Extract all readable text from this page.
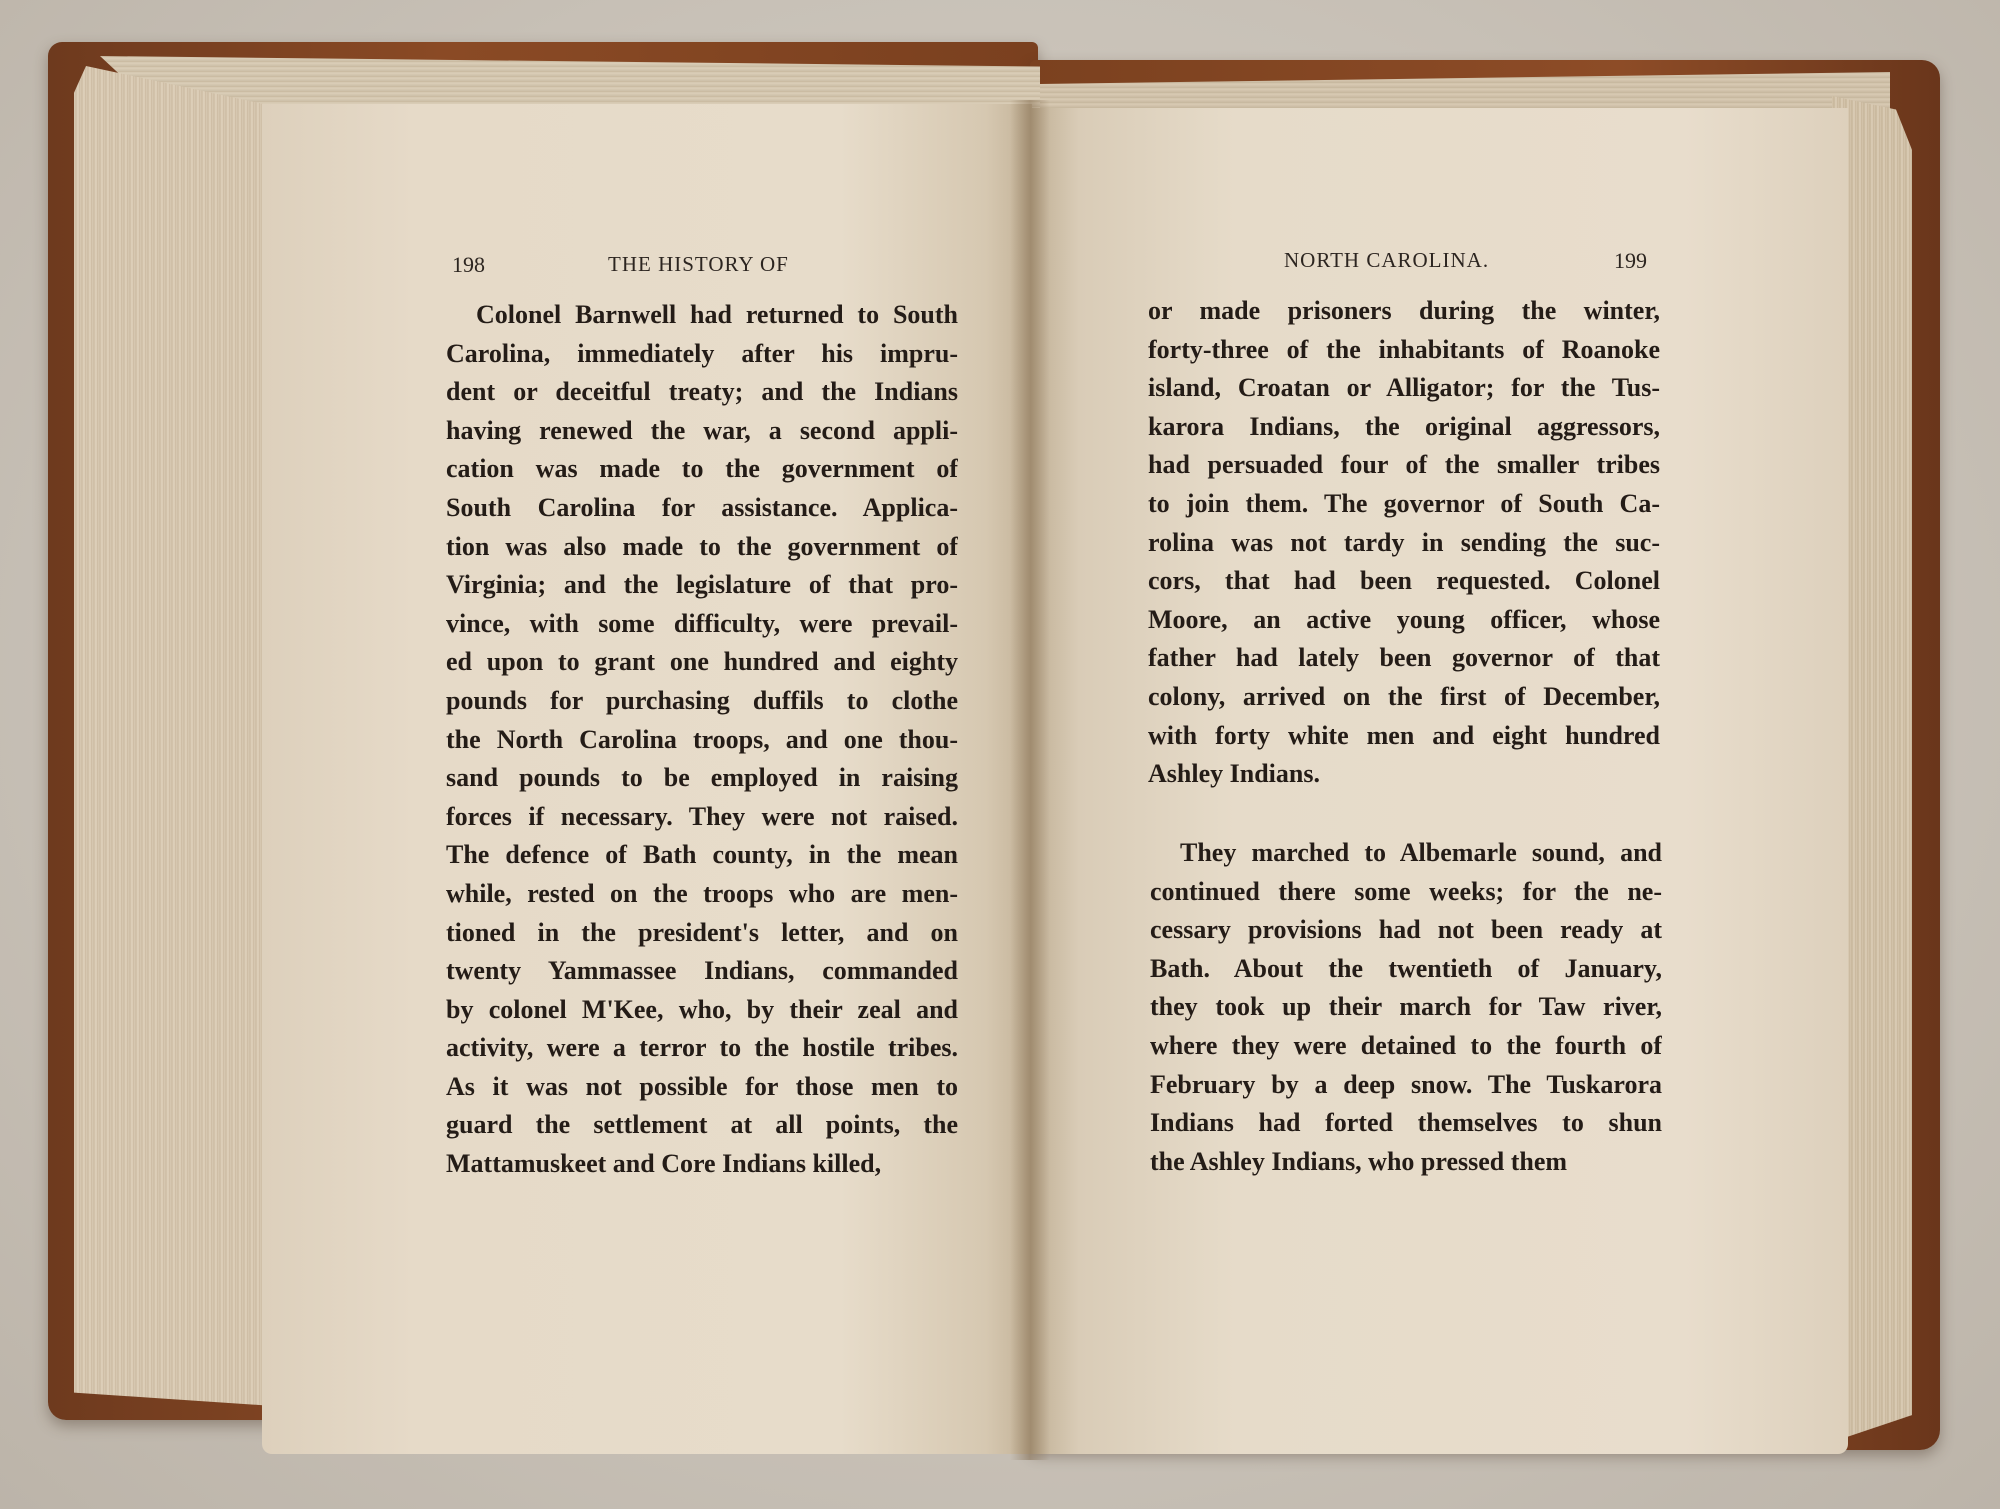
198	THE HISTORY OF	NORTH CAROLINA.	199
Colonel Barnwell had returned to South
Carolina, immediately after his impru-
dent or deceitful treaty; and the Indians
having renewed the war, a second appli-
cation was made to the government of
South Carolina for assistance. Applica-
tion was also made to the government of
Virginia; and the legislature of that pro-
vince, with some difficulty, were prevail-
ed upon to grant one hundred and eighty
pounds for purchasing duffils to clothe
the North Carolina troops, and one thou-
sand pounds to be employed in raising
forces if necessary. They were not raised.
The defence of Bath county, in the mean
while, rested on the troops who are men-
tioned in the president's letter, and on
twenty Yammassee Indians, commanded
by colonel M'Kee, who, by their zeal and
activity, were a terror to the hostile tribes.
As it was not possible for those men to
guard the settlement at all points, the
Mattamuskeet and Core Indians killed,
or made prisoners during the winter,
forty-three of the inhabitants of Roanoke
island, Croatan or Alligator; for the Tus-
karora Indians, the original aggressors,
had persuaded four of the smaller tribes
to join them. The governor of South Ca-
rolina was not tardy in sending the suc-
cors, that had been requested. Colonel
Moore, an active young officer, whose
father had lately been governor of that
colony, arrived on the first of December,
with forty white men and eight hundred
Ashley Indians.
They marched to Albemarle sound, and
continued there some weeks; for the ne-
cessary provisions had not been ready at
Bath. About the twentieth of January,
they took up their march for Taw river,
where they were detained to the fourth of
February by a deep snow. The Tuskarora
Indians had forted themselves to shun
the Ashley Indians, who pressed them
